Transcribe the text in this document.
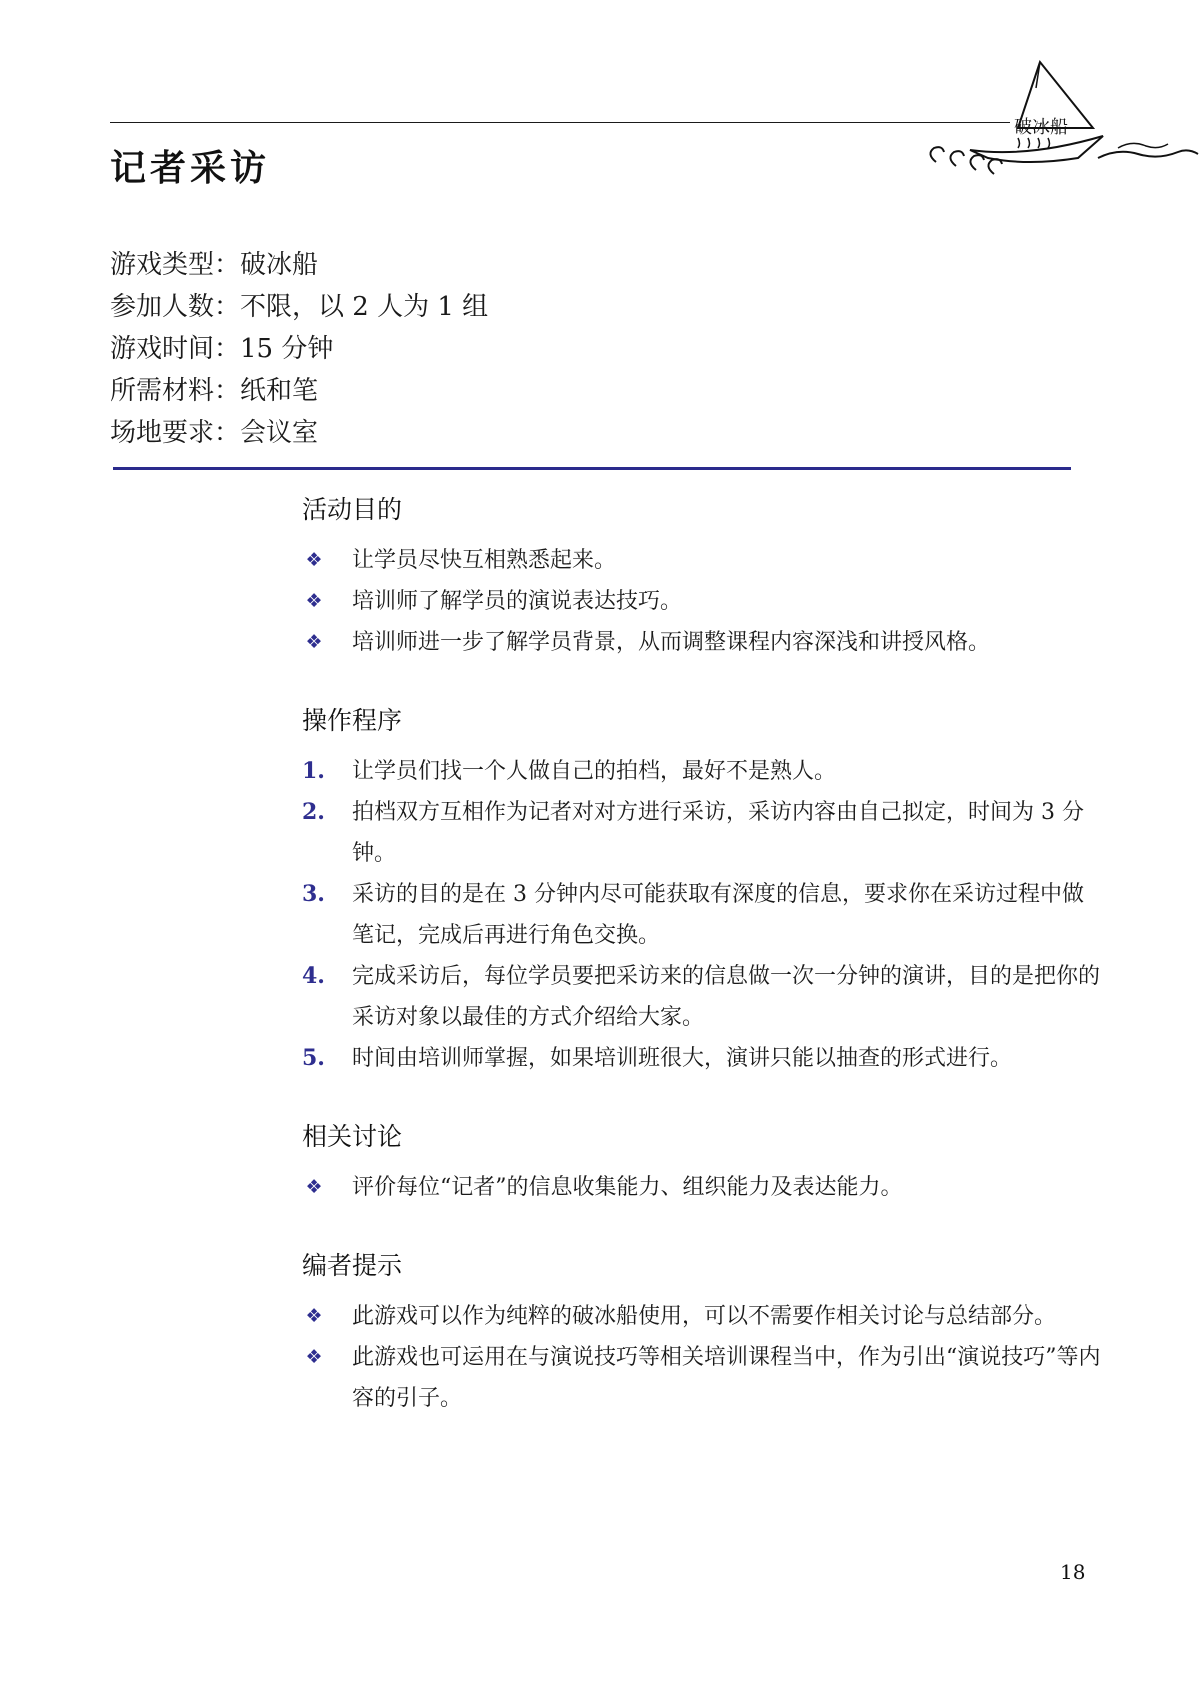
记者采访
破冰船
游戏类型：破冰船
参加人数：不限，以 2 人为 1 组
游戏时间：15 分钟
所需材料：纸和笔
场地要求：会议室
活动目的
❖ 让学员尽快互相熟悉起来。
❖ 培训师了解学员的演说表达技巧。
❖ 培训师进一步了解学员背景，从而调整课程内容深浅和讲授风格。
操作程序
1.	让学员们找一个人做自己的拍档，最好不是熟人。
2.	拍档双方互相作为记者对对方进行采访，采访内容由自己拟定，时间为 3 分钟。
3.	采访的目的是在 3 分钟内尽可能获取有深度的信息，要求你在采访过程中做笔记，完成后再进行角色交换。
4.	完成采访后，每位学员要把采访来的信息做一次一分钟的演讲，目的是把你的采访对象以最佳的方式介绍给大家。
5.	时间由培训师掌握，如果培训班很大，演讲只能以抽查的形式进行。
相关讨论
❖ 评价每位“记者”的信息收集能力、组织能力及表达能力。
编者提示
❖ 此游戏可以作为纯粹的破冰船使用，可以不需要作相关讨论与总结部分。
❖ 此游戏也可运用在与演说技巧等相关培训课程当中，作为引出“演说技巧”等内容的引子。
18
